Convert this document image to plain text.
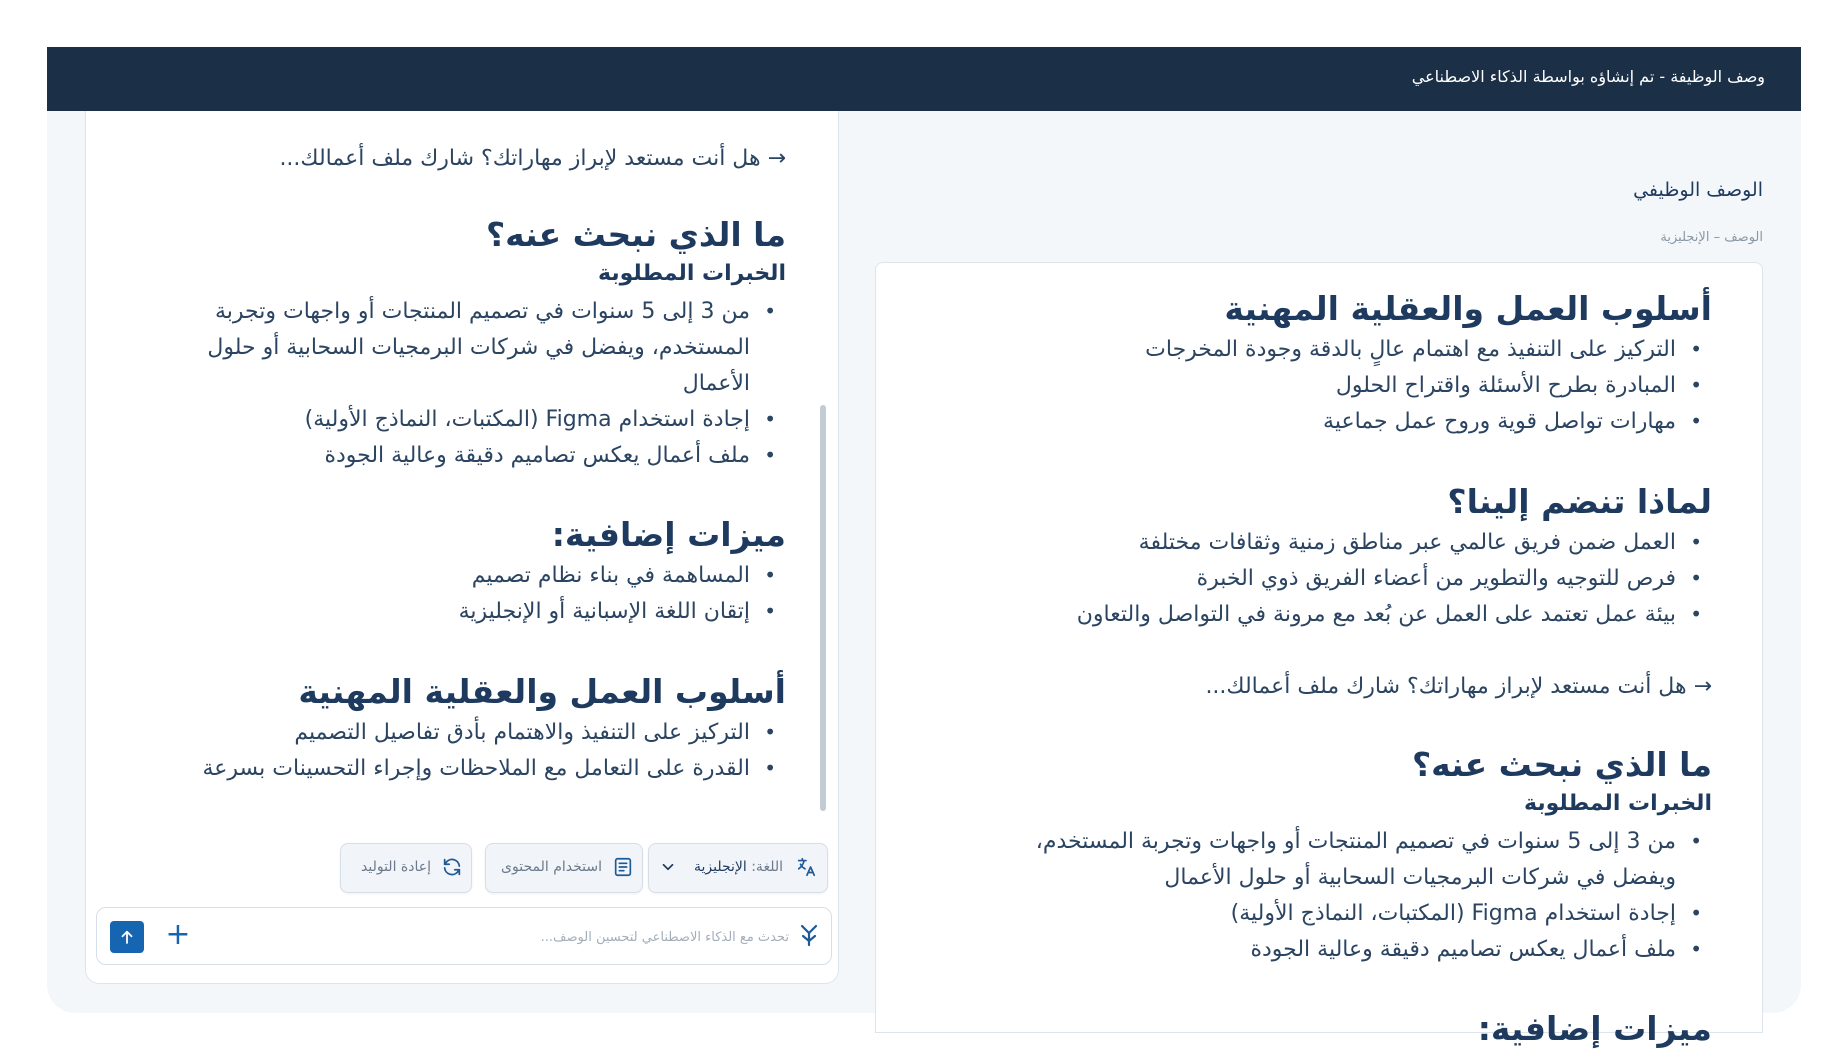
وصف الوظيفة - تم إنشاؤه بواسطة الذكاء الاصطناعي
الوصف الوظيفي
الوصف – الإنجليزية
أسلوب العمل والعقلية المهنية
•
التركيز على التنفيذ مع اهتمام عالٍ بالدقة وجودة المخرجات
•
المبادرة بطرح الأسئلة واقتراح الحلول
•
مهارات تواصل قوية وروح عمل جماعية
لماذا تنضم إلينا؟
•
العمل ضمن فريق عالمي عبر مناطق زمنية وثقافات مختلفة
•
فرص للتوجيه والتطوير من أعضاء الفريق ذوي الخبرة
•
بيئة عمل تعتمد على العمل عن بُعد مع مرونة في التواصل والتعاون
→ هل أنت مستعد لإبراز مهاراتك؟ شارك ملف أعمالك...
ما الذي نبحث عنه؟
الخبرات المطلوبة
•
من 3 إلى 5 سنوات في تصميم المنتجات أو واجهات وتجربة المستخدم،
ويفضل في شركات البرمجيات السحابية أو حلول الأعمال
•
إجادة استخدام Figma (المكتبات، النماذج الأولية)
•
ملف أعمال يعكس تصاميم دقيقة وعالية الجودة
ميزات إضافية:
→ هل أنت مستعد لإبراز مهاراتك؟ شارك ملف أعمالك...
ما الذي نبحث عنه؟
الخبرات المطلوبة
•
من 3 إلى 5 سنوات في تصميم المنتجات أو واجهات وتجربة
المستخدم، ويفضل في شركات البرمجيات السحابية أو حلول
الأعمال
•
إجادة استخدام Figma (المكتبات، النماذج الأولية)
•
ملف أعمال يعكس تصاميم دقيقة وعالية الجودة
ميزات إضافية:
•
المساهمة في بناء نظام تصميم
•
إتقان اللغة الإسبانية أو الإنجليزية
أسلوب العمل والعقلية المهنية
•
التركيز على التنفيذ والاهتمام بأدق تفاصيل التصميم
•
القدرة على التعامل مع الملاحظات وإجراء التحسينات بسرعة
اللغة: الإنجليزية
استخدام المحتوى
إعادة التوليد
تحدث مع الذكاء الاصطناعي لتحسين الوصف...
+
